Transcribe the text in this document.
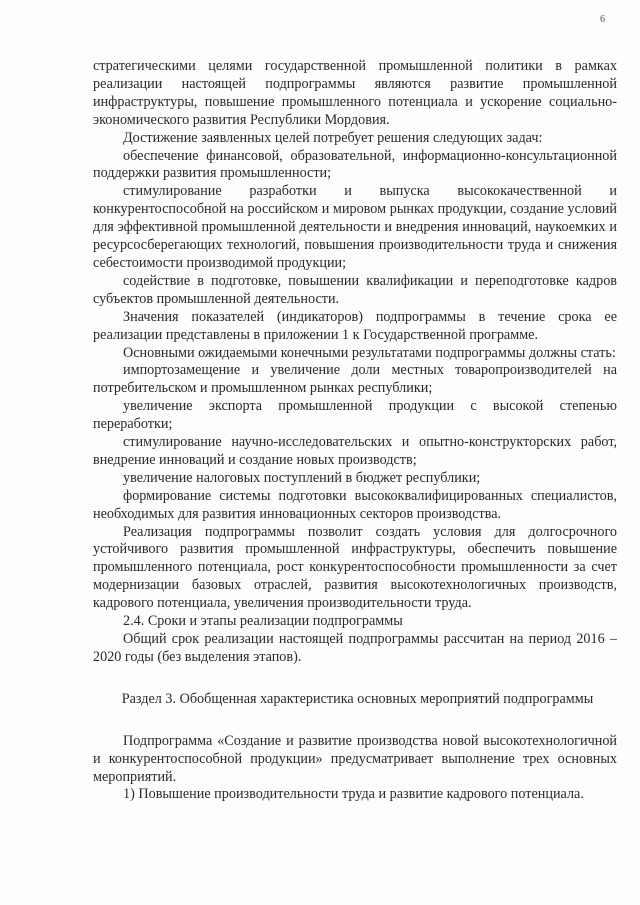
6

стратегическими целями государственной промышленной политики в рамках реализации настоящей подпрограммы являются развитие промышленной инфраструктуры, повышение промышленного потенциала и ускорение социально-экономического развития Республики Мордовия.

Достижение заявленных целей потребует решения следующих задач:

обеспечение финансовой, образовательной, информационно-консультационной поддержки развития промышленности;

стимулирование разработки и выпуска высококачественной и конкурентоспособной на российском и мировом рынках продукции, создание условий для эффективной промышленной деятельности и внедрения инноваций, наукоемких и ресурсосберегающих технологий, повышения производительности труда и снижения себестоимости производимой продукции;

содействие в подготовке, повышении квалификации и переподготовке кадров субъектов промышленной деятельности.

Значения показателей (индикаторов) подпрограммы в течение срока ее реализации представлены в приложении 1 к Государственной программе.

Основными ожидаемыми конечными результатами подпрограммы должны стать:

импортозамещение и увеличение доли местных товаропроизводителей на потребительском и промышленном рынках республики;

увеличение экспорта промышленной продукции с высокой степенью переработки;

стимулирование научно-исследовательских и опытно-конструкторских работ, внедрение инноваций и создание новых производств;

увеличение налоговых поступлений в бюджет республики;

формирование системы подготовки высококвалифицированных специалистов, необходимых для развития инновационных секторов производства.

Реализация подпрограммы позволит создать условия для долгосрочного устойчивого развития промышленной инфраструктуры, обеспечить повышение промышленного потенциала, рост конкурентоспособности промышленности за счет модернизации базовых отраслей, развития высокотехнологичных производств, кадрового потенциала, увеличения производительности труда.

2.4. Сроки и этапы реализации подпрограммы

Общий срок реализации настоящей подпрограммы рассчитан на период 2016 – 2020 годы (без выделения этапов).

Раздел 3. Обобщенная характеристика основных мероприятий подпрограммы

Подпрограмма «Создание и развитие производства новой высокотехнологичной и конкурентоспособной продукции» предусматривает выполнение трех основных мероприятий.

1) Повышение производительности труда и развитие кадрового потенциала.
